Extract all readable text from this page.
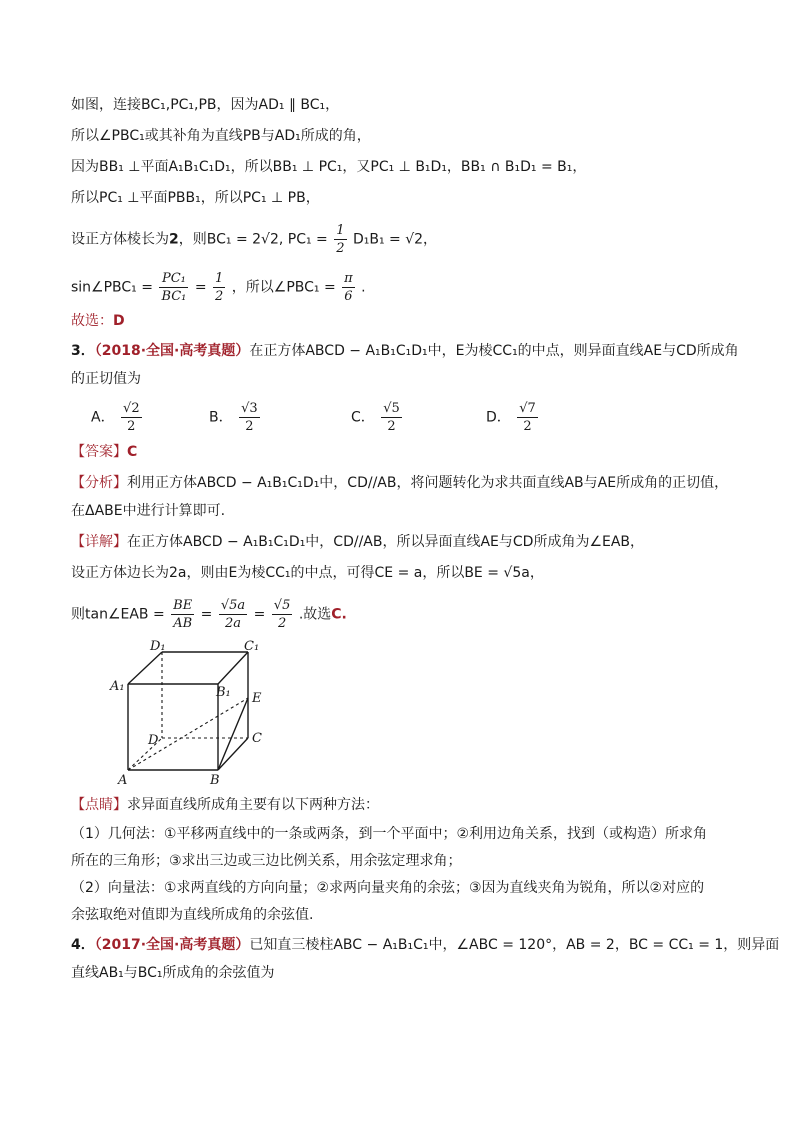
如图，连接BC₁,PC₁,PB，因为AD₁ ∥ BC₁，
所以∠PBC₁或其补角为直线PB与AD₁所成的角，
因为BB₁ ⊥平面A₁B₁C₁D₁，所以BB₁ ⊥ PC₁，又PC₁ ⊥ B₁D₁，BB₁ ∩ B₁D₁ = B₁，
所以PC₁ ⊥平面PBB₁，所以PC₁ ⊥ PB，
设正方体棱长为2，则BC₁ = 2√2, $PC_1 = \frac{1}{2} D_1B_1 = √2$，
sin∠PBC₁ = $\frac{\text{PC₁}}{\text{BC₁}} = \frac{1}{2}$ ，所以∠PBC₁ = $\frac{\pi}{6}$ .
故选：D
3．（2018·全国·高考真题）在正方体ABCD − A₁B₁C₁D₁中，E为棱CC₁的中点，则异面直线AE与CD所成角
的正切值为
A． $\frac{√2}{2}$	B． $\frac{√3}{2}$	C． $\frac{√5}{2}$	D． $\frac{√7}{2}$
【答案】C
【分析】利用正方体ABCD − A₁B₁C₁D₁中，CD//AB，将问题转化为求共面直线AB与AE所成角的正切值，
在ΔABE中进行计算即可.
【详解】在正方体ABCD − A₁B₁C₁D₁中，CD//AB，所以异面直线AE与CD所成角为∠EAB，
设正方体边长为2a，则由E为棱CC₁的中点，可得CE = a，所以BE = √5a，
则tan∠EAB = $\frac{BE}{AB} = \frac{√5a}{2a} = \frac{√5}{2}$ .故选C.
D₁	C₁
A₁	B₁ E
D	C
A	B
【点睛】求异面直线所成角主要有以下两种方法：
（1）几何法：①平移两直线中的一条或两条，到一个平面中；②利用边角关系，找到（或构造）所求角
所在的三角形；③求出三边或三边比例关系，用余弦定理求角；
（2）向量法：①求两直线的方向向量；②求两向量夹角的余弦；③因为直线夹角为锐角，所以②对应的
余弦取绝对值即为直线所成角的余弦值.
4．（2017·全国·高考真题）已知直三棱柱ABC − A₁B₁C₁中，∠ABC = 120°，AB = 2，BC = CC₁ = 1，则异面
直线AB₁与BC₁所成角的余弦值为
